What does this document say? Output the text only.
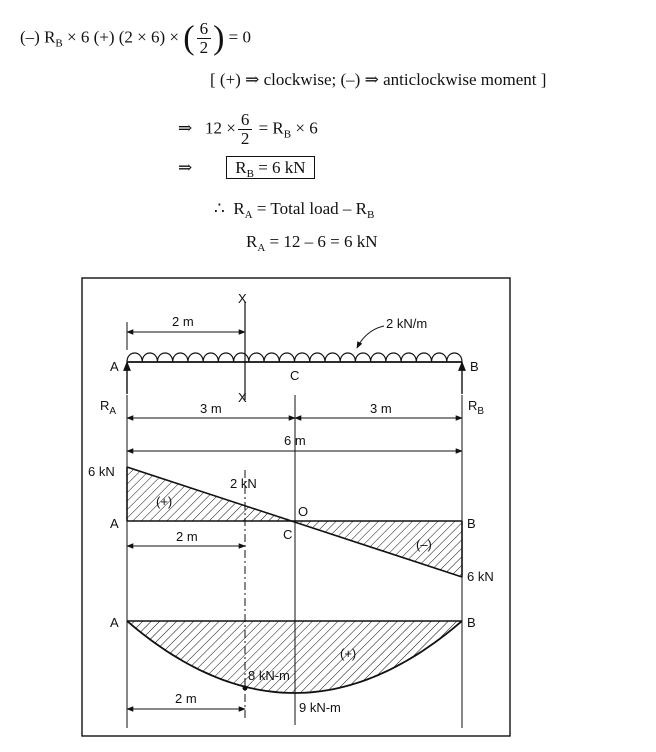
(–) $R_B \times 6$ (+) (2 × 6) × ( $\frac{6}{2}$ ) = 0
[ (+) ⇒ clockwise; (–) ⇒ anticlockwise moment ]
⇒ $12 \times \frac{6}{2} = R_B \times 6$
⇒	$R_B = 6$ kN
∴ $R_A$ = Total load – $R_B$
$R_A = 12 - 6 = 6$ kN
X
X
2 m	2 kN/m
A	B
C
$R_A$	$R_B$
3 m	3 m
6 m
6 kN
2 kN
(+)
(–)
6 kN
O
A	B
C
2 m
A	B
(+)
8 kN-m
9 kN-m
2 m
